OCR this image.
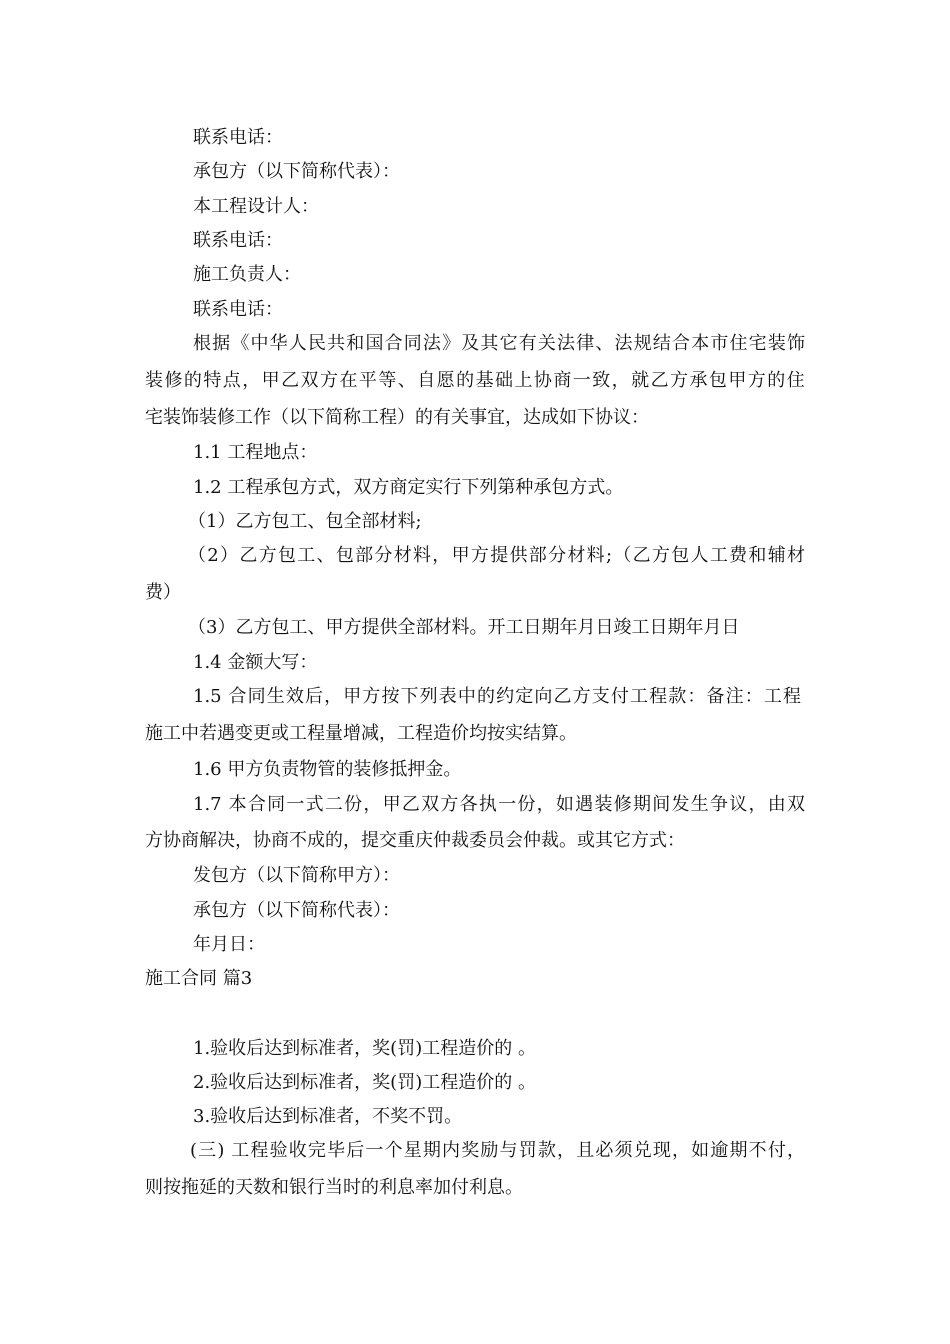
联系电话：
承包方（以下简称代表）：
本工程设计人：
联系电话：
施工负责人：
联系电话：
根据《中华人民共和国合同法》及其它有关法律、法规结合本市住宅装饰
装修的特点，甲乙双方在平等、自愿的基础上协商一致，就乙方承包甲方的住
宅装饰装修工作（以下简称工程）的有关事宜，达成如下协议：
1.1 工程地点：
1.2 工程承包方式，双方商定实行下列第种承包方式。
（1）乙方包工、包全部材料;
（2）乙方包工、包部分材料，甲方提供部分材料;（乙方包人工费和辅材
费）
（3）乙方包工、甲方提供全部材料。开工日期年月日竣工日期年月日
1.4 金额大写：
1.5 合同生效后，甲方按下列表中的约定向乙方支付工程款：备注：工程
施工中若遇变更或工程量增减，工程造价均按实结算。
1.6 甲方负责物管的装修抵押金。
1.7 本合同一式二份，甲乙双方各执一份，如遇装修期间发生争议，由双
方协商解决，协商不成的，提交重庆仲裁委员会仲裁。或其它方式：
发包方（以下简称甲方）：
承包方（以下简称代表）：
年月日：
施工合同 篇3
1.验收后达到标准者，奖(罚)工程造价的 。
2.验收后达到标准者，奖(罚)工程造价的 。
3.验收后达到标准者，不奖不罚。
(三) 工程验收完毕后一个星期内奖励与罚款，且必须兑现，如逾期不付，
则按拖延的天数和银行当时的利息率加付利息。
